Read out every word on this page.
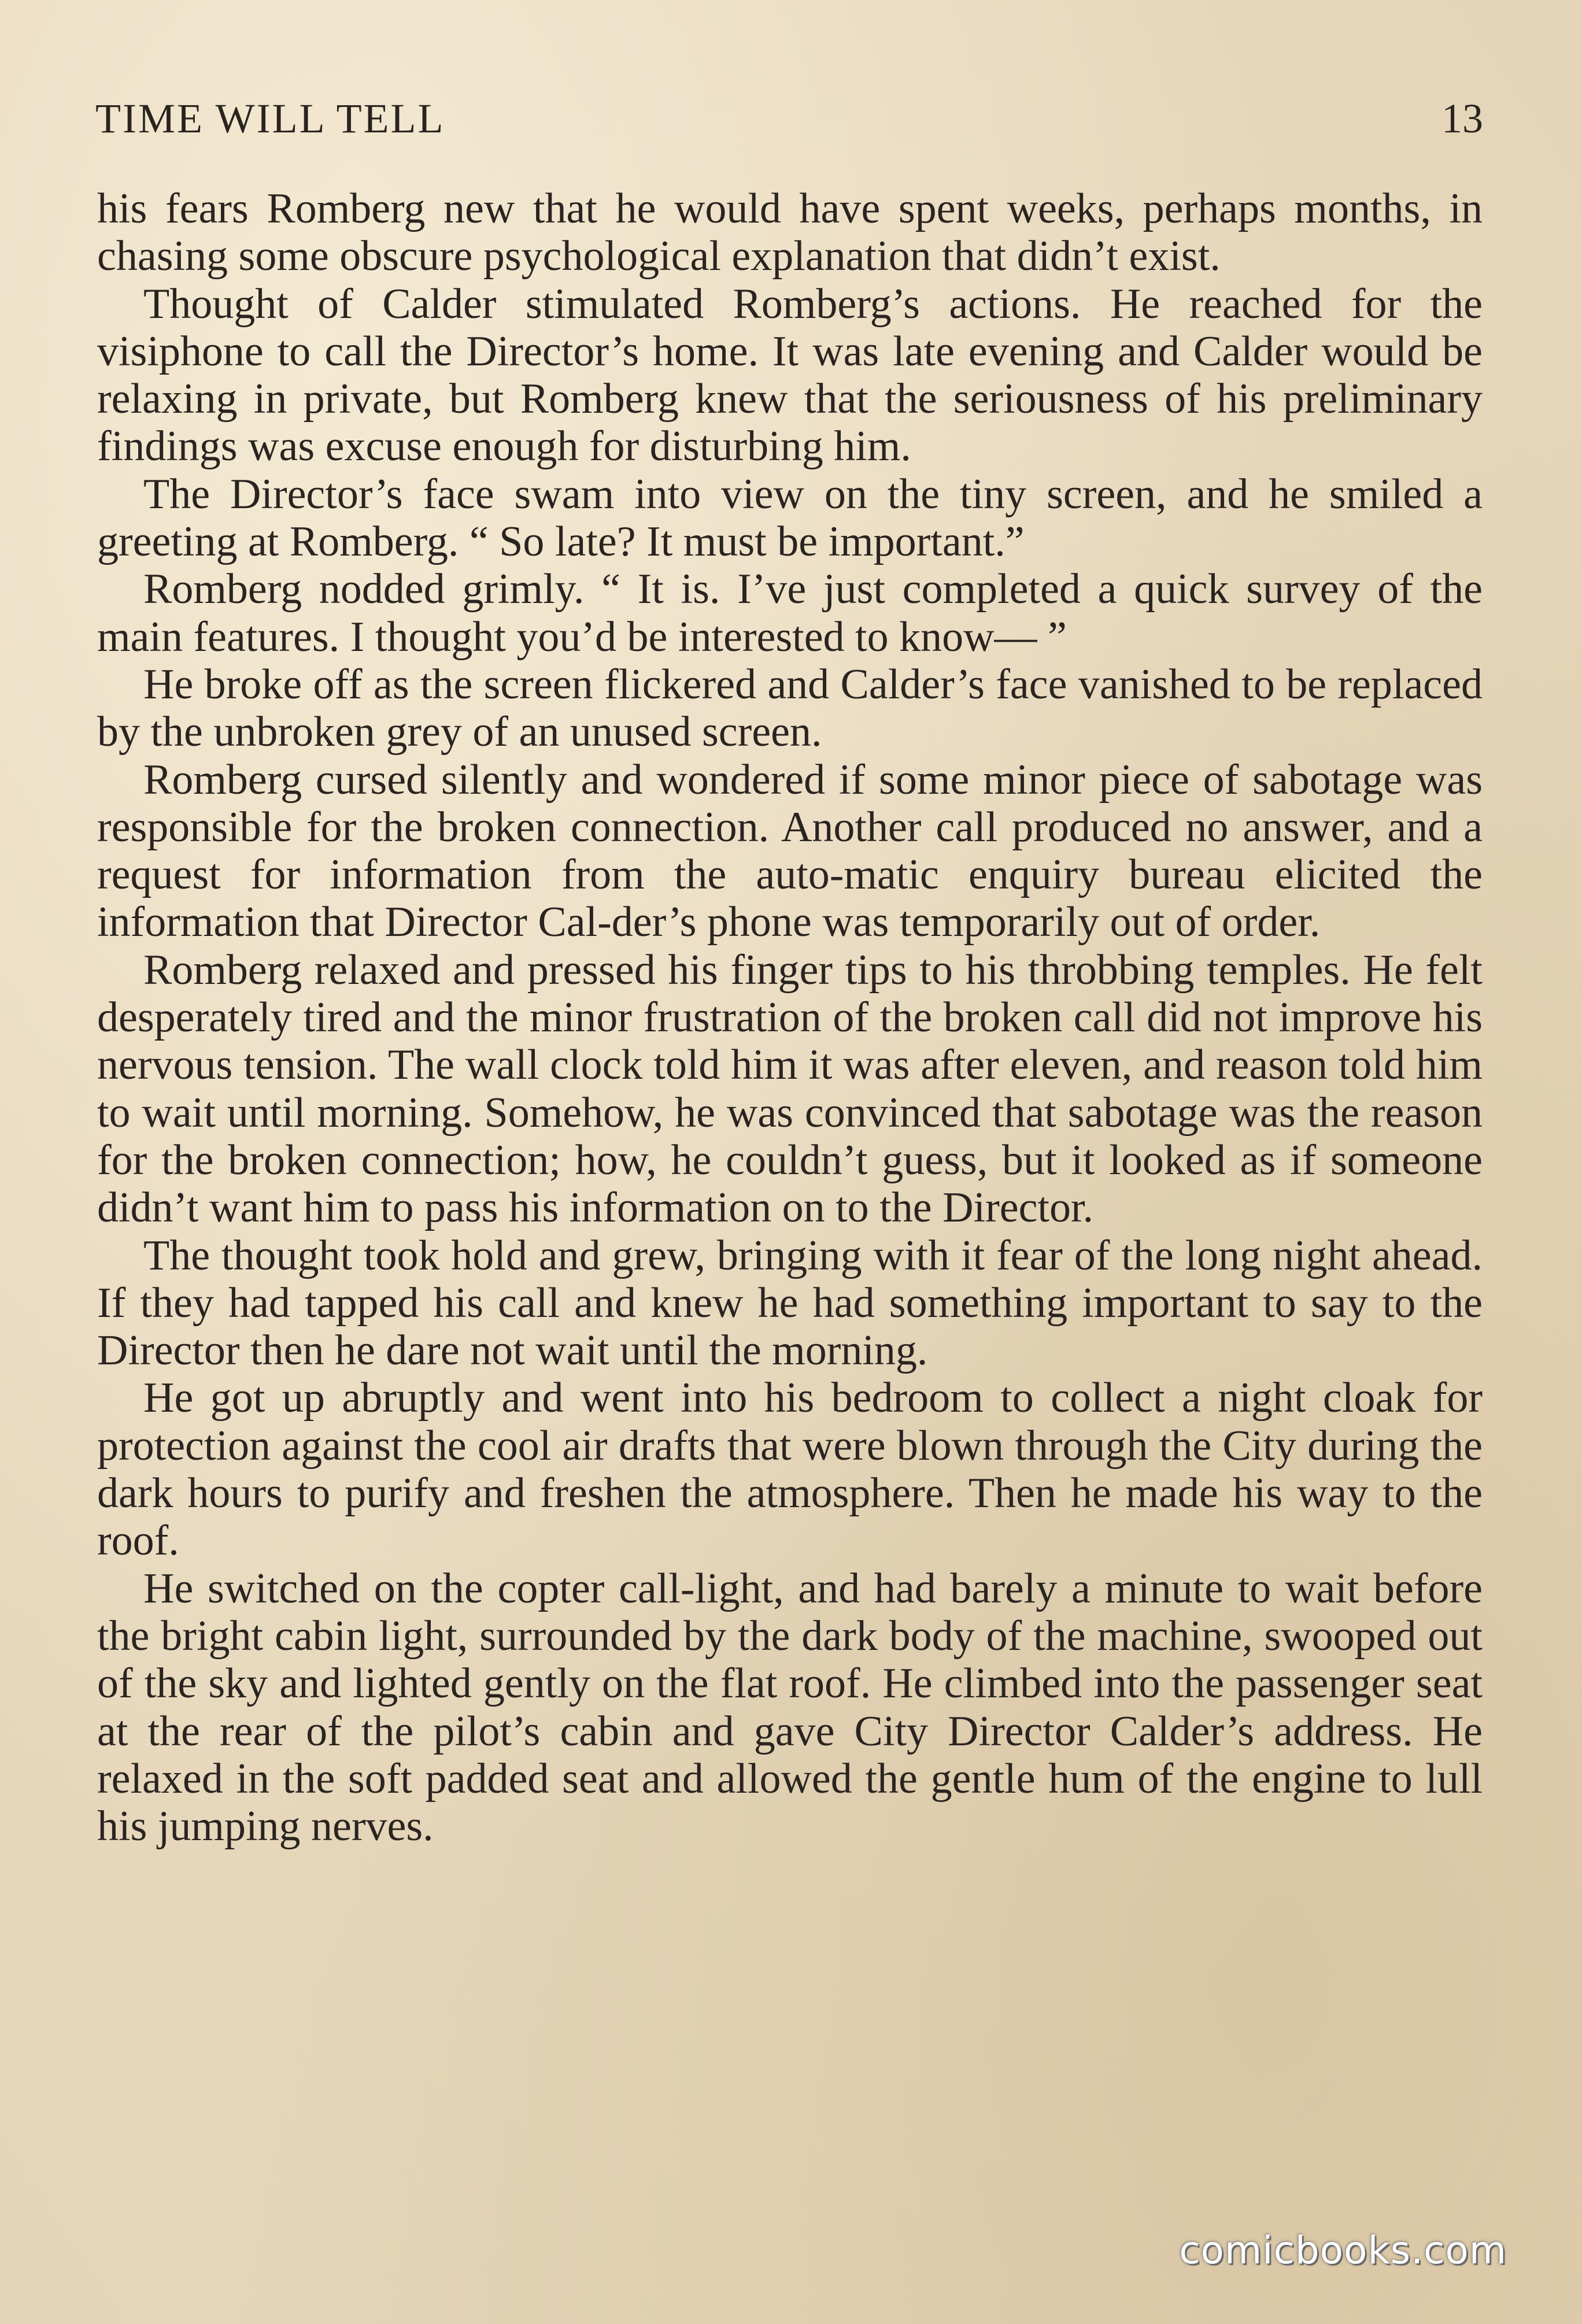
TIME WILL TELL	13

his fears Romberg new that he would have spent weeks, perhaps months, in chasing some obscure psychological explanation that didn’t exist.

Thought of Calder stimulated Romberg’s actions. He reached for the visiphone to call the Director’s home. It was late evening and Calder would be relaxing in private, but Romberg knew that the seriousness of his preliminary findings was excuse enough for disturbing him.

The Director’s face swam into view on the tiny screen, and he smiled a greeting at Romberg. “ So late? It must be important.”

Romberg nodded grimly. “ It is. I’ve just completed a quick survey of the main features. I thought you’d be interested to know— ”

He broke off as the screen flickered and Calder’s face vanished to be replaced by the unbroken grey of an unused screen.

Romberg cursed silently and wondered if some minor piece of sabotage was responsible for the broken connection. Another call produced no answer, and a request for information from the auto-matic enquiry bureau elicited the information that Director Cal-der’s phone was temporarily out of order.

Romberg relaxed and pressed his finger tips to his throbbing temples. He felt desperately tired and the minor frustration of the broken call did not improve his nervous tension. The wall clock told him it was after eleven, and reason told him to wait until morning. Somehow, he was convinced that sabotage was the reason for the broken connection; how, he couldn’t guess, but it looked as if someone didn’t want him to pass his information on to the Director.

The thought took hold and grew, bringing with it fear of the long night ahead. If they had tapped his call and knew he had something important to say to the Director then he dare not wait until the morning.

He got up abruptly and went into his bedroom to collect a night cloak for protection against the cool air drafts that were blown through the City during the dark hours to purify and freshen the atmosphere. Then he made his way to the roof.

He switched on the copter call-light, and had barely a minute to wait before the bright cabin light, surrounded by the dark body of the machine, swooped out of the sky and lighted gently on the flat roof. He climbed into the passenger seat at the rear of the pilot’s cabin and gave City Director Calder’s address. He relaxed in the soft padded seat and allowed the gentle hum of the engine to lull his jumping nerves.

comicbooks.com
